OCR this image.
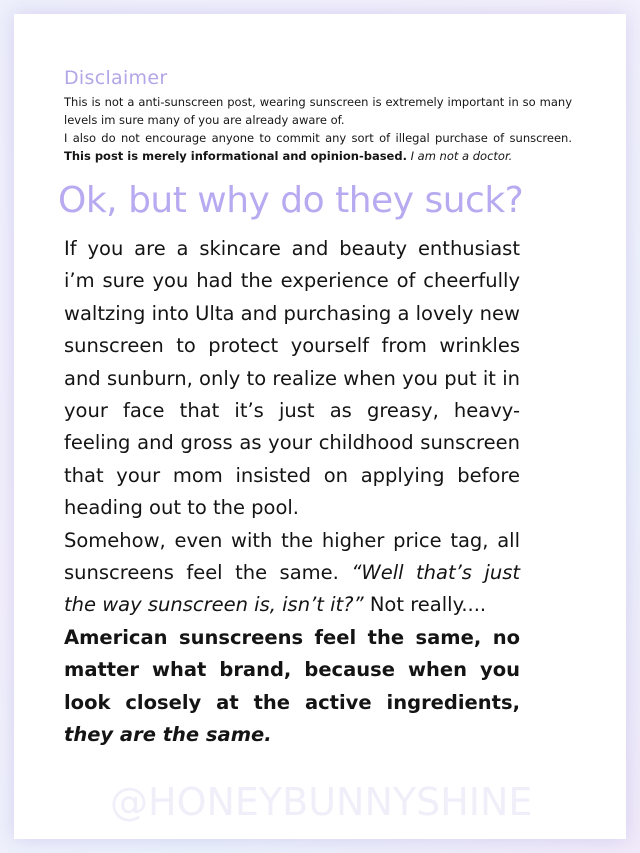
Disclaimer

This is not a anti-sunscreen post, wearing sunscreen is extremely important in so many levels im sure many of you are already aware of.

I also do not encourage anyone to commit any sort of illegal purchase of sunscreen. This post is merely informational and opinion-based. I am not a doctor.

Ok, but why do they suck?

If you are a skincare and beauty enthusiast i’m sure you had the experience of cheerfully waltzing into Ulta and purchasing a lovely new sunscreen to protect yourself from wrinkles and sunburn, only to realize when you put it in your face that it’s just as greasy, heavy-feeling and gross as your childhood sunscreen that your mom insisted on applying before heading out to the pool.

Somehow, even with the higher price tag, all sunscreens feel the same. “Well that’s just the way sunscreen is, isn’t it?” Not really....

American sunscreens feel the same, no matter what brand, because when you look closely at the active ingredients, they are the same.

@HONEYBUNNYSHINE
